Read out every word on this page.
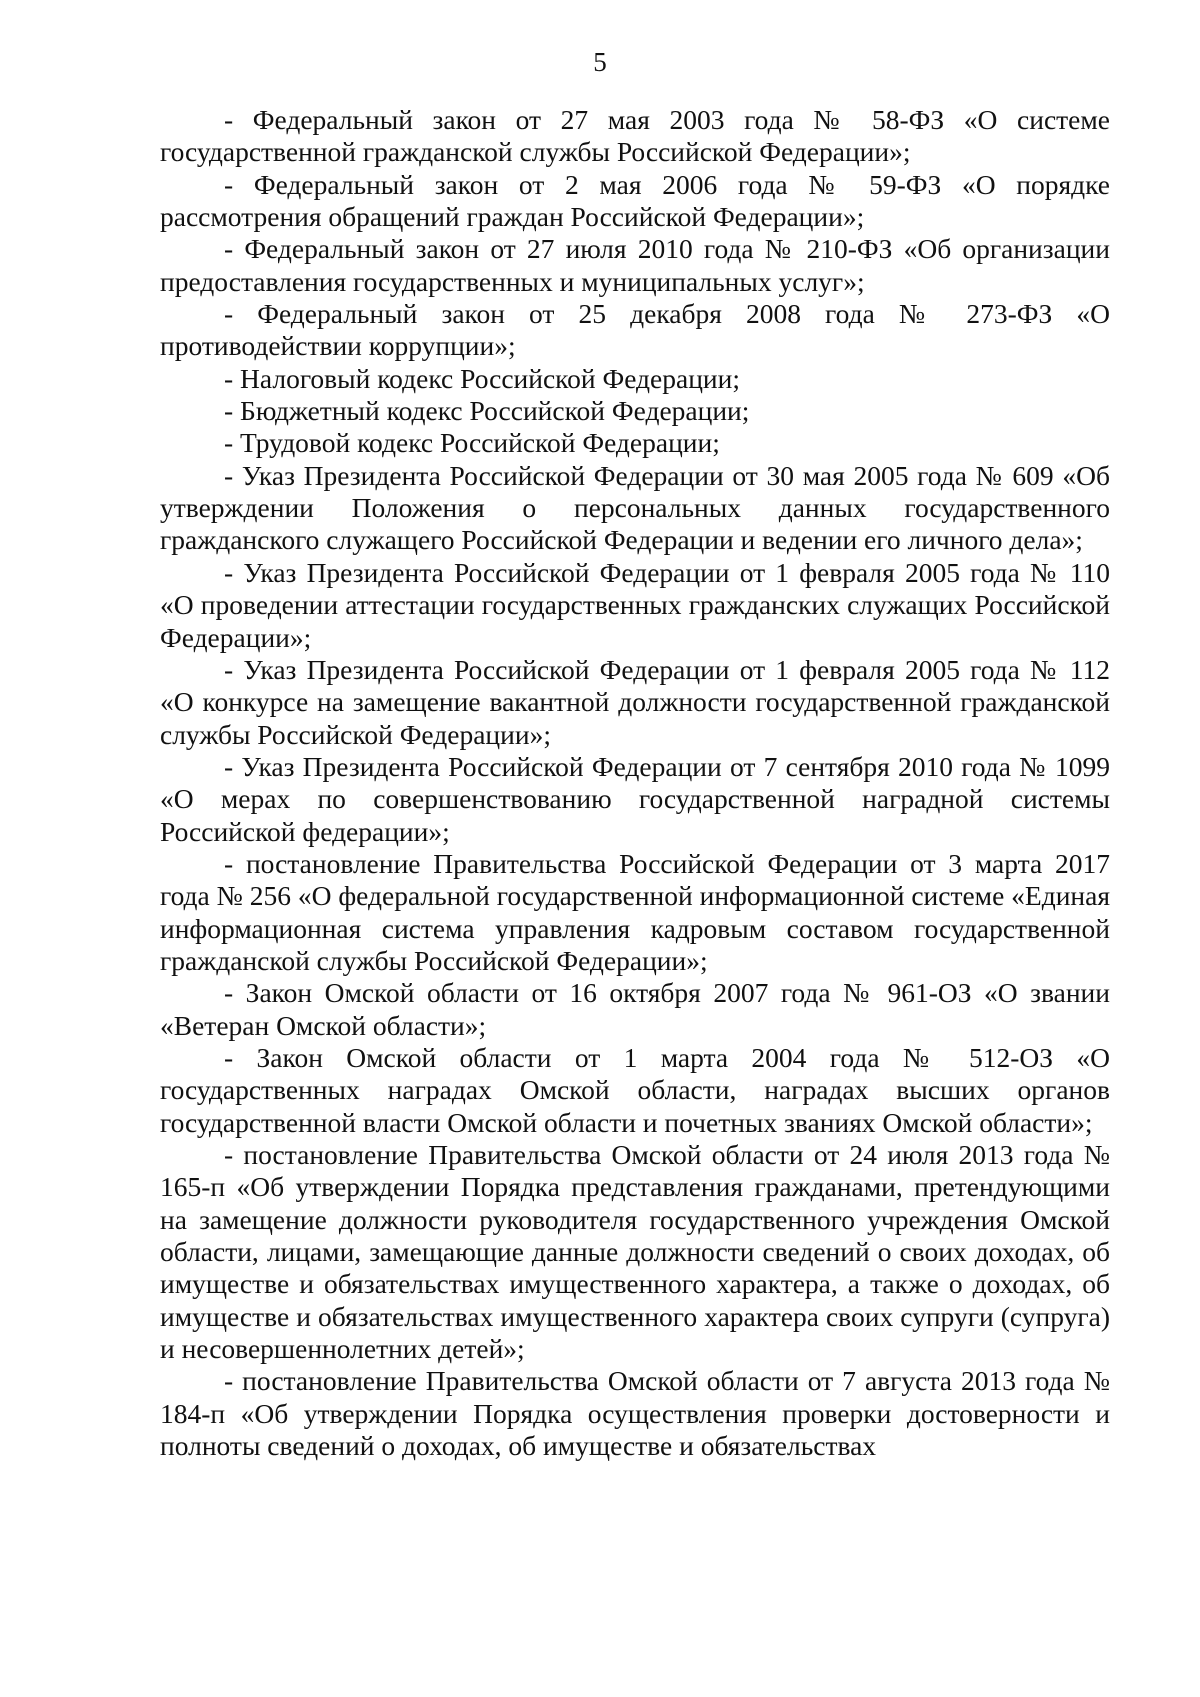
5

- Федеральный закон от 27 мая 2003 года № 58-ФЗ «О системе государственной гражданской службы Российской Федерации»;

- Федеральный закон от 2 мая 2006 года № 59-ФЗ «О порядке рассмотрения обращений граждан Российской Федерации»;

- Федеральный закон от 27 июля 2010 года № 210-ФЗ «Об организации предоставления государственных и муниципальных услуг»;

- Федеральный закон от 25 декабря 2008 года № 273-ФЗ «О противодействии коррупции»;

- Налоговый кодекс Российской Федерации;

- Бюджетный кодекс Российской Федерации;

- Трудовой кодекс Российской Федерации;

- Указ Президента Российской Федерации от 30 мая 2005 года № 609 «Об утверждении Положения о персональных данных государственного гражданского служащего Российской Федерации и ведении его личного дела»;

- Указ Президента Российской Федерации от 1 февраля 2005 года № 110 «О проведении аттестации государственных гражданских служащих Российской Федерации»;

- Указ Президента Российской Федерации от 1 февраля 2005 года № 112 «О конкурсе на замещение вакантной должности государственной гражданской службы Российской Федерации»;

- Указ Президента Российской Федерации от 7 сентября 2010 года № 1099 «О мерах по совершенствованию государственной наградной системы Российской федерации»;

- постановление Правительства Российской Федерации от 3 марта 2017 года № 256 «О федеральной государственной информационной системе «Единая информационная система управления кадровым составом государственной гражданской службы Российской Федерации»;

- Закон Омской области от 16 октября 2007 года № 961-ОЗ «О звании «Ветеран Омской области»;

- Закон Омской области от 1 марта 2004 года № 512-ОЗ «О государственных наградах Омской области, наградах высших органов государственной власти Омской области и почетных званиях Омской области»;

- постановление Правительства Омской области от 24 июля 2013 года № 165-п «Об утверждении Порядка представления гражданами, претендующими на замещение должности руководителя государственного учреждения Омской области, лицами, замещающие данные должности сведений о своих доходах, об имуществе и обязательствах имущественного характера, а также о доходах, об имуществе и обязательствах имущественного характера своих супруги (супруга) и несовершеннолетних детей»;

- постановление Правительства Омской области от 7 августа 2013 года № 184-п «Об утверждении Порядка осуществления проверки достоверности и полноты сведений о доходах, об имуществе и обязательствах
